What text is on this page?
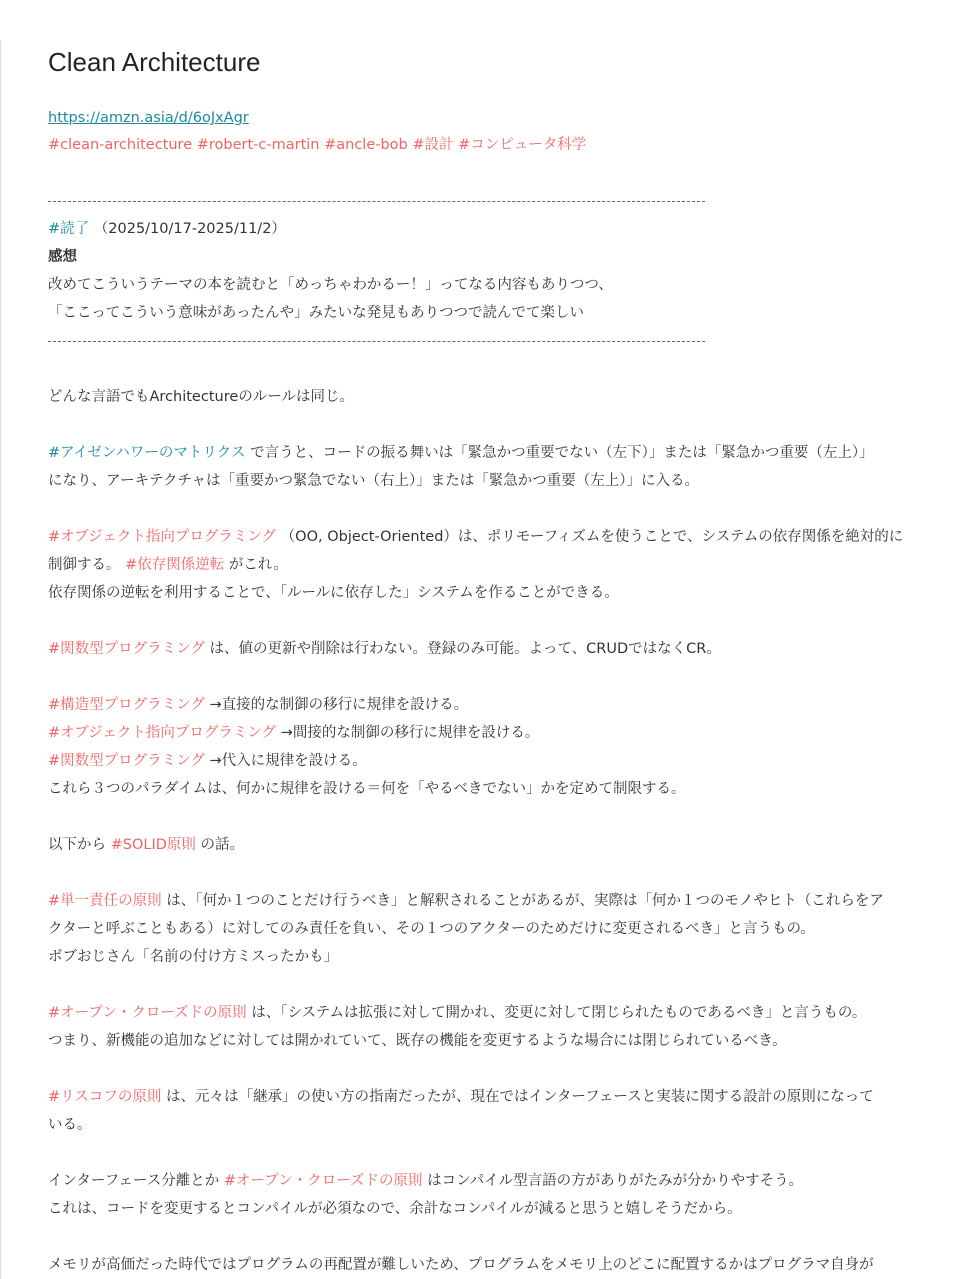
Clean Architecture
https://amzn.asia/d/6oJxAgr
#clean-architecture #robert-c-martin #ancle-bob #設計 #コンピュータ科学
#読了 （2025/10/17-2025/11/2）
感想
改めてこういうテーマの本を読むと「めっちゃわかるー！」ってなる内容もありつつ、
「ここってこういう意味があったんや」みたいな発見もありつつで読んでて楽しい
どんな言語でもArchitectureのルールは同じ。
#アイゼンハワーのマトリクス で言うと、コードの振る舞いは「緊急かつ重要でない（左下）」または「緊急かつ重要（左上）」
になり、アーキテクチャは「重要かつ緊急でない（右上）」または「緊急かつ重要（左上）」に入る。
#オブジェクト指向プログラミング （OO, Object-Oriented）は、ポリモーフィズムを使うことで、システムの依存関係を絶対的に
制御する。 #依存関係逆転 がこれ。
依存関係の逆転を利用することで、「ルールに依存した」システムを作ることができる。
#関数型プログラミング は、値の更新や削除は行わない。登録のみ可能。よって、CRUDではなくCR。
#構造型プログラミング →直接的な制御の移行に規律を設ける。
#オブジェクト指向プログラミング →間接的な制御の移行に規律を設ける。
#関数型プログラミング →代入に規律を設ける。
これら３つのパラダイムは、何かに規律を設ける＝何を「やるべきでない」かを定めて制限する。
以下から #SOLID原則 の話。
#単一責任の原則 は、「何か１つのことだけ行うべき」と解釈されることがあるが、実際は「何か１つのモノやヒト（これらをア
クターと呼ぶこともある）に対してのみ責任を負い、その１つのアクターのためだけに変更されるべき」と言うもの。
ボブおじさん「名前の付け方ミスったかも」
#オープン・クローズドの原則 は、「システムは拡張に対して開かれ、変更に対して閉じられたものであるべき」と言うもの。
つまり、新機能の追加などに対しては開かれていて、既存の機能を変更するような場合には閉じられているべき。
#リスコフの原則 は、元々は「継承」の使い方の指南だったが、現在ではインターフェースと実装に関する設計の原則になって
いる。
インターフェース分離とか #オープン・クローズドの原則 はコンパイル型言語の方がありがたみが分かりやすそう。
これは、コードを変更するとコンパイルが必須なので、余計なコンパイルが減ると思うと嬉しそうだから。
メモリが高価だった時代ではプログラムの再配置が難しいため、プログラムをメモリ上のどこに配置するかはプログラマ自身が
